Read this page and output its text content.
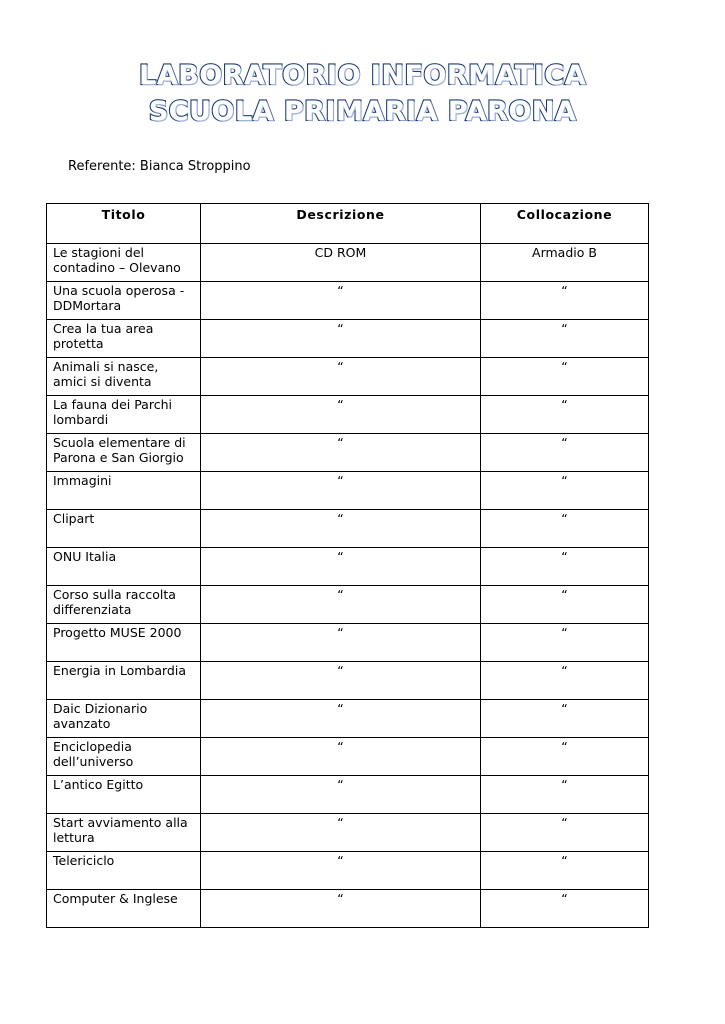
LABORATORIO INFORMATICA
SCUOLA PRIMARIA PARONA
Referente: Bianca Stroppino
Titolo	Descrizione	Collocazione
Le stagioni del contadino – Olevano	CD ROM	Armadio B
Una scuola operosa - DDMortara	“	“
Crea la tua area protetta	“	“
Animali si nasce, amici si diventa	“	“
La fauna dei Parchi lombardi	“	“
Scuola elementare di Parona e San Giorgio	“	“
Immagini	“	“
Clipart	“	“
ONU Italia	“	“
Corso sulla raccolta differenziata	“	“
Progetto MUSE 2000	“	“
Energia in Lombardia	“	“
Daic Dizionario avanzato	“	“
Enciclopedia dell’universo	“	“
L’antico Egitto	“	“
Start avviamento alla lettura	“	“
Telericiclo	“	“
Computer & Inglese	“	“
